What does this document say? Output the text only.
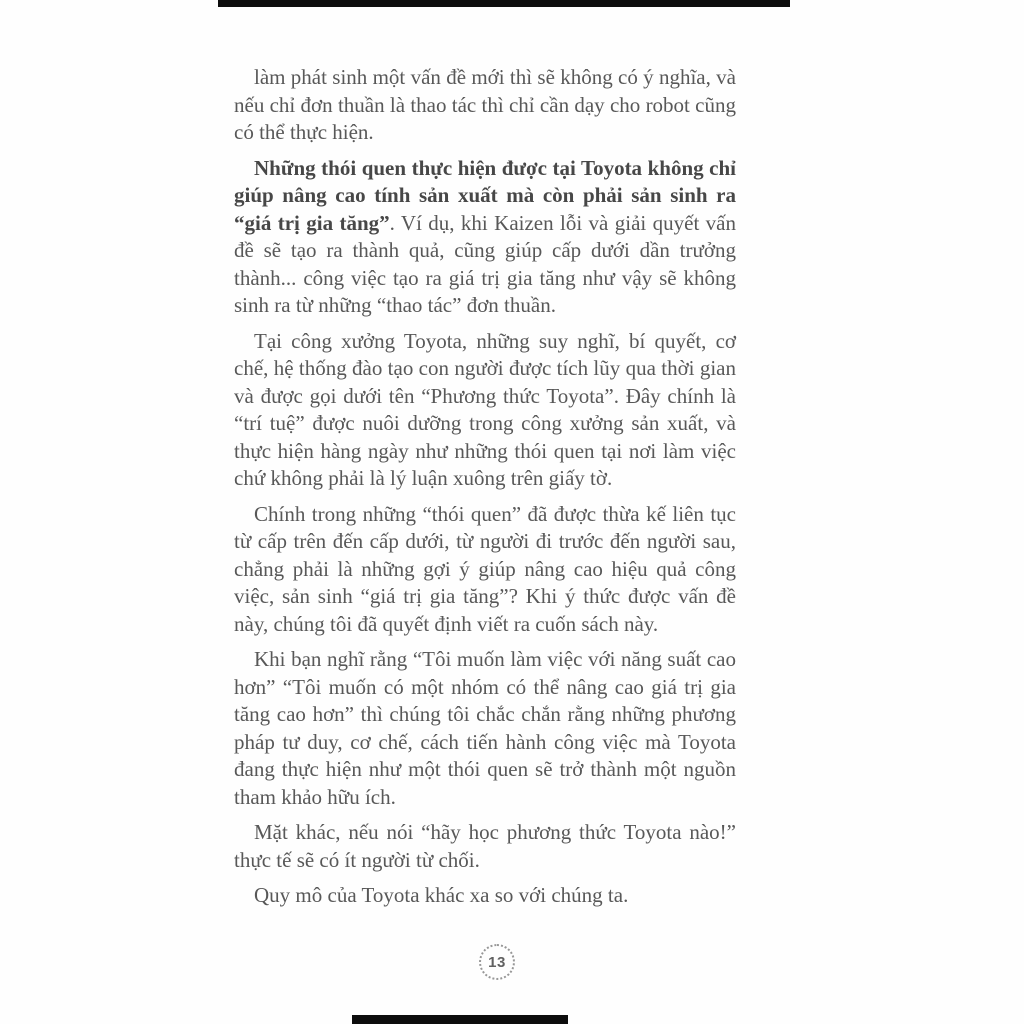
làm phát sinh một vấn đề mới thì sẽ không có ý nghĩa, và nếu chỉ đơn thuần là thao tác thì chỉ cần dạy cho robot cũng có thể thực hiện.

Những thói quen thực hiện được tại Toyota không chỉ giúp nâng cao tính sản xuất mà còn phải sản sinh ra “giá trị gia tăng”. Ví dụ, khi Kaizen lỗi và giải quyết vấn đề sẽ tạo ra thành quả, cũng giúp cấp dưới dần trưởng thành... công việc tạo ra giá trị gia tăng như vậy sẽ không sinh ra từ những “thao tác” đơn thuần.

Tại công xưởng Toyota, những suy nghĩ, bí quyết, cơ chế, hệ thống đào tạo con người được tích lũy qua thời gian và được gọi dưới tên “Phương thức Toyota”. Đây chính là “trí tuệ” được nuôi dưỡng trong công xưởng sản xuất, và thực hiện hàng ngày như những thói quen tại nơi làm việc chứ không phải là lý luận xuông trên giấy tờ.

Chính trong những “thói quen” đã được thừa kế liên tục từ cấp trên đến cấp dưới, từ người đi trước đến người sau, chẳng phải là những gợi ý giúp nâng cao hiệu quả công việc, sản sinh “giá trị gia tăng”? Khi ý thức được vấn đề này, chúng tôi đã quyết định viết ra cuốn sách này.

Khi bạn nghĩ rằng “Tôi muốn làm việc với năng suất cao hơn” “Tôi muốn có một nhóm có thể nâng cao giá trị gia tăng cao hơn” thì chúng tôi chắc chắn rằng những phương pháp tư duy, cơ chế, cách tiến hành công việc mà Toyota đang thực hiện như một thói quen sẽ trở thành một nguồn tham khảo hữu ích.

Mặt khác, nếu nói “hãy học phương thức Toyota nào!” thực tế sẽ có ít người từ chối.

Quy mô của Toyota khác xa so với chúng ta.

13
